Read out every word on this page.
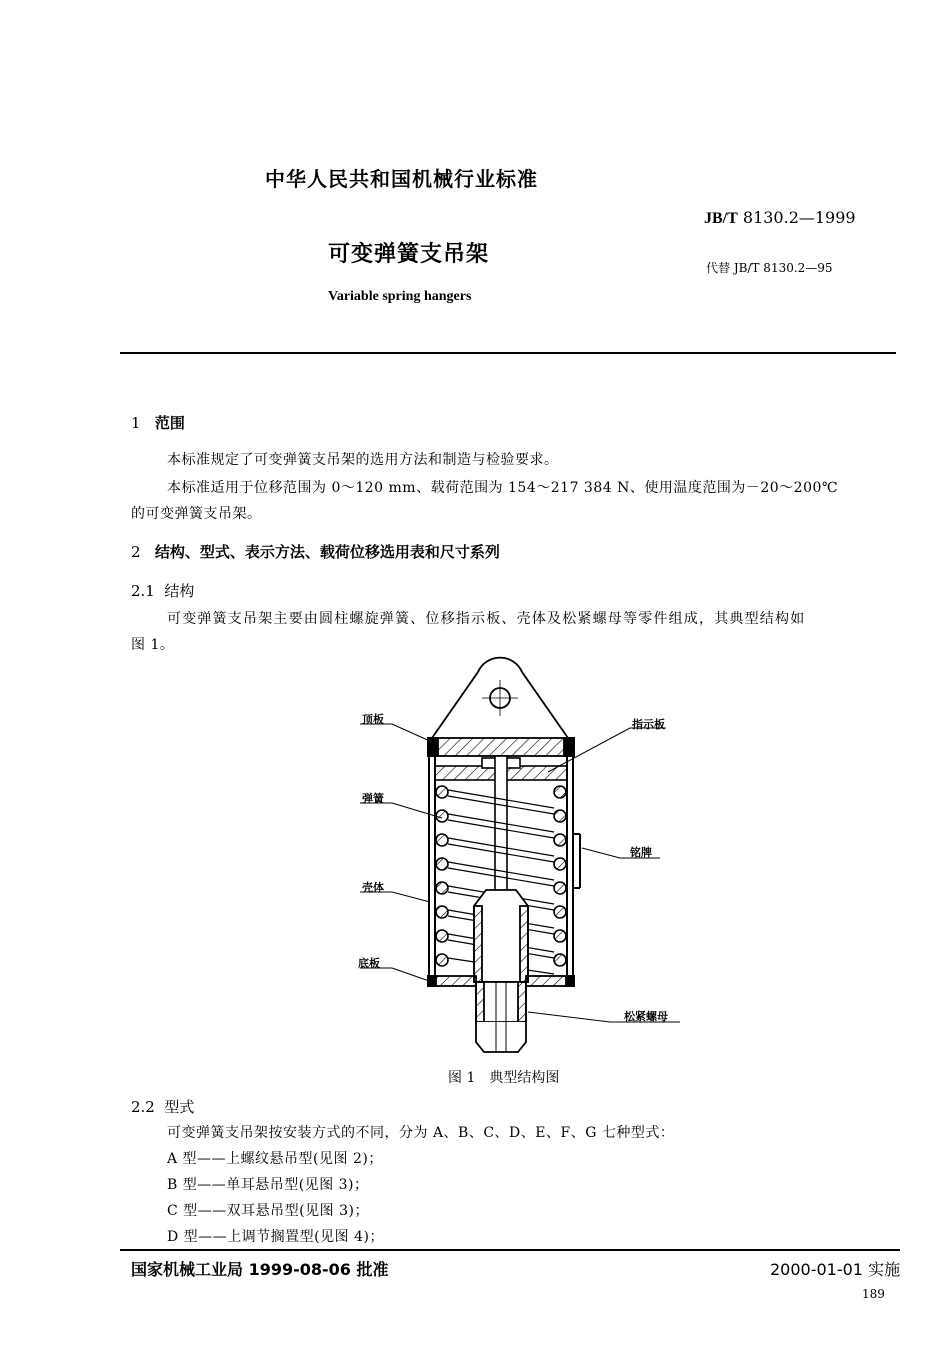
中华人民共和国机械行业标准
JB/T 8130.2—1999
可变弹簧支吊架
代替 JB/T 8130.2—95
Variable spring hangers
1 范围
本标准规定了可变弹簧支吊架的选用方法和制造与检验要求。
本标准适用于位移范围为 0～120 mm、载荷范围为 154～217 384 N、使用温度范围为－20～200℃
的可变弹簧支吊架。
2 结构、型式、表示方法、载荷位移选用表和尺寸系列
2.1 结构
可变弹簧支吊架主要由圆柱螺旋弹簧、位移指示板、壳体及松紧螺母等零件组成，其典型结构如
图 1。
顶板	指示板
弹簧
铭牌
壳体
底板
松紧螺母
图 1　典型结构图
2.2 型式
可变弹簧支吊架按安装方式的不同，分为 A、B、C、D、E、F、G 七种型式：
A 型——上螺纹悬吊型(见图 2)；
B 型——单耳悬吊型(见图 3)；
C 型——双耳悬吊型(见图 3)；
D 型——上调节搁置型(见图 4)；
国家机械工业局 1999-08-06 批准	2000-01-01 实施
189
